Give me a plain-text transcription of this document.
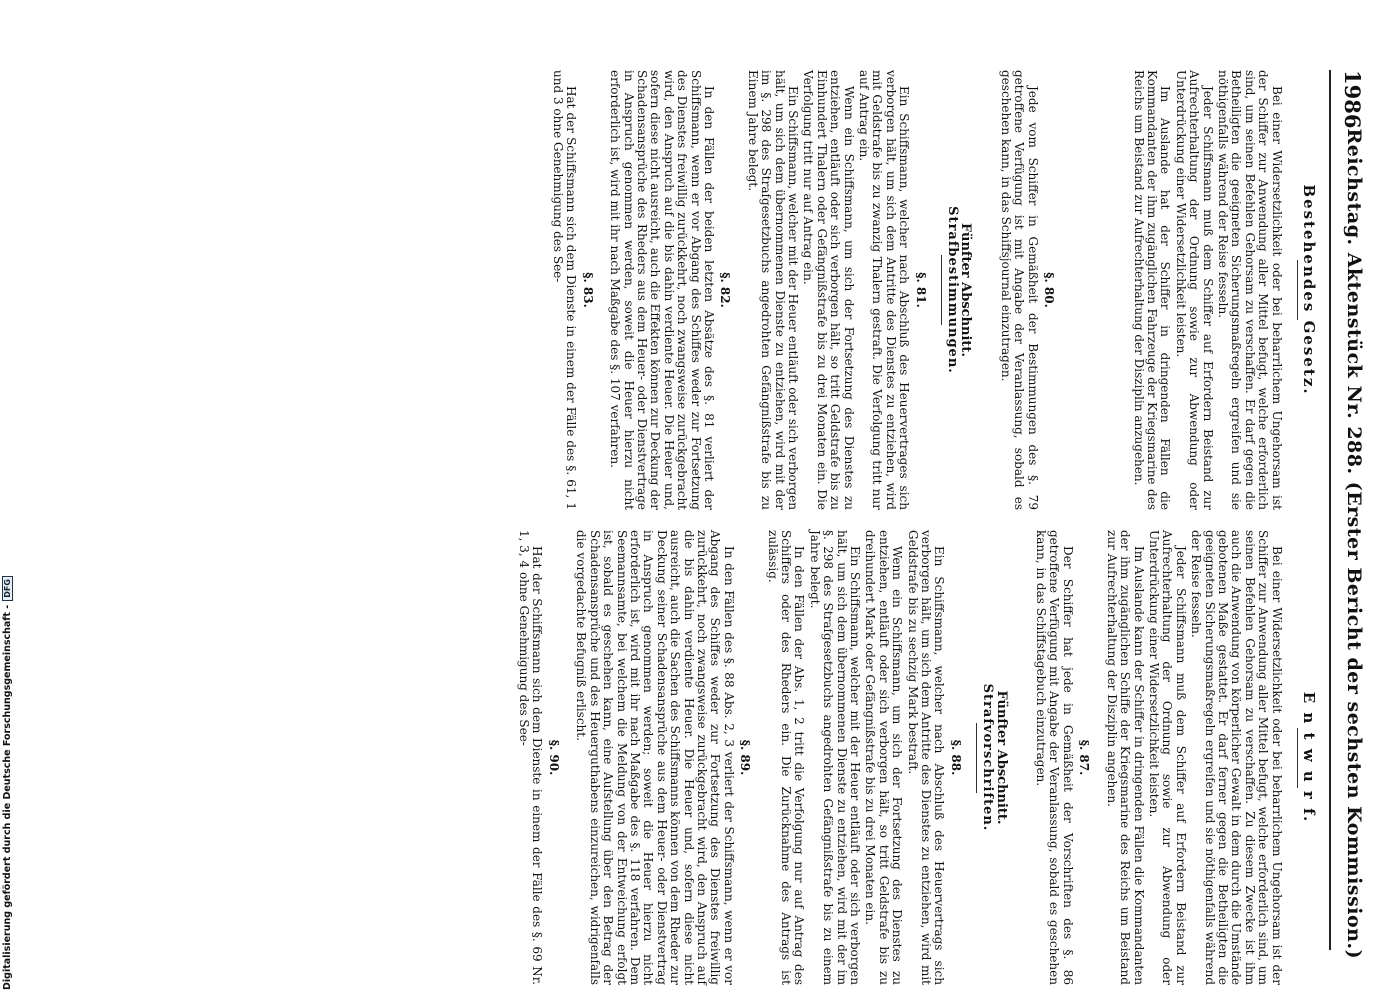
1986
Reichstag. Aktenstück Nr. 288. (Erster Bericht der sechsten Kommission.)
Bestehendes Gesetz.

Bei einer Widersetzlichkeit oder bei beharrlichem Ungehorsam ist der Schiffer zur Anwendung aller Mittel befugt, welche erforderlich sind, um seinen Befehlen Gehorsam zu verschaffen. Er darf gegen die Betheiligten die geeigneten Sicherungsmaßregeln ergreifen und sie nöthigenfalls während der Reise fesseln.

Jeder Schiffsmann muß dem Schiffer auf Erfordern Beistand zur Aufrechterhaltung der Ordnung sowie zur Abwendung oder Unterdrückung einer Widersetzlichkeit leisten.

Im Auslande hat der Schiffer in dringenden Fällen die Kommandanten der ihm zugänglichen Fahrzeuge der Kriegsmarine des Reichs um Beistand zur Aufrechterhaltung der Disziplin anzugehen.

§. 80.

Jede vom Schiffer in Gemäßheit der Bestimmungen des §. 79 getroffene Verfügung ist mit Angabe der Veranlassung, sobald es geschehen kann, in das Schiffsjournal einzutragen.

Fünfter Abschnitt.
Strafbestimmungen.
§. 81.

Ein Schiffsmann, welcher nach Abschluß des Heuervertrages sich verborgen hält, um sich dem Antritte des Dienstes zu entziehen, wird mit Geldstrafe bis zu zwanzig Thalern gestraft. Die Verfolgung tritt nur auf Antrag ein.

Wenn ein Schiffsmann, um sich der Fortsetzung des Dienstes zu entziehen, entläuft oder sich verborgen hält, so tritt Geldstrafe bis zu Einhundert Thalern oder Gefängnißstrafe bis zu drei Monaten ein. Die Verfolgung tritt nur auf Antrag ein.

Ein Schiffsmann, welcher mit der Heuer entläuft oder sich verborgen hält, um sich dem übernommenen Dienste zu entziehen, wird mit der im §. 298 des Strafgesetzbuchs angedrohten Gefängnißstrafe bis zu Einem Jahre belegt.

§. 82.

In den Fällen der beiden letzten Absätze des §. 81 verliert der Schiffsmann, wenn er vor Abgang des Schiffes weder zur Fortsetzung des Dienstes freiwillig zurückkehrt, noch zwangsweise zurückgebracht wird, den Anspruch auf die bis dahin verdiente Heuer. Die Heuer und, sofern diese nicht ausreicht, auch die Effekten können zur Deckung der Schadensansprüche des Rheders aus dem Heuer- oder Dienstvertrage in Anspruch genommen werden, soweit die Heuer hierzu nicht erforderlich ist, wird mit ihr nach Maßgabe des §. 107 verfahren.

§. 83.

Hat der Schiffsmann sich dem Dienste in einem der Fälle des §. 61, 1 und 3 ohne Genehmigung des See-

E n t w u r f.

Bei einer Widersetzlichkeit oder bei beharrlichem Ungehorsam ist der Schiffer zur Anwendung aller Mittel befugt, welche erforderlich sind, um seinen Befehlen Gehorsam zu verschaffen. Zu diesem Zwecke ist ihm auch die Anwendung von körperlicher Gewalt in dem durch die Umstände gebotenen Maße gestattet. Er darf ferner gegen die Betheiligten die geeigneten Sicherungsmaßregeln ergreifen und sie nöthigenfalls während der Reise fesseln.

Jeder Schiffsmann muß dem Schiffer auf Erfordern Beistand zur Aufrechterhaltung der Ordnung sowie zur Abwendung oder Unterdrückung einer Widersetzlichkeit leisten.

Im Auslande kann der Schiffer in dringenden Fällen die Kommandanten der ihm zugänglichen Schiffe der Kriegsmarine des Reichs um Beistand zur Aufrechterhaltung der Disziplin angehen.

§. 87.

Der Schiffer hat jede in Gemäßheit der Vorschriften des §. 86 getroffene Verfügung mit Angabe der Veranlassung, sobald es geschehen kann, in das Schiffstagebuch einzutragen.

Fünfter Abschnitt.
Strafvorschriften.
§. 88.

Ein Schiffsmann, welcher nach Abschluß des Heuervertrags sich verborgen hält, um sich dem Antritte des Dienstes zu entziehen, wird mit Geldstrafe bis zu sechzig Mark bestraft.

Wenn ein Schiffsmann, um sich der Fortsetzung des Dienstes zu entziehen, entläuft oder sich verborgen hält, so tritt Geldstrafe bis zu dreihundert Mark oder Gefängnißstrafe bis zu drei Monaten ein.

Ein Schiffsmann, welcher mit der Heuer entläuft oder sich verborgen hält, um sich dem übernommenen Dienste zu entziehen, wird mit der im §. 298 des Strafgesetzbuchs angedrohten Gefängnißstrafe bis zu einem Jahre belegt.

In den Fällen der Abs. 1, 2 tritt die Verfolgung nur auf Antrag des Schiffers oder des Rheders ein. Die Zurücknahme des Antrags ist zulässig.

§. 89.

In den Fällen des §. 88 Abs. 2, 3 verliert der Schiffsmann, wenn er vor Abgang des Schiffes weder zur Fortsetzung des Dienstes freiwillig zurückkehrt, noch zwangsweise zurückgebracht wird, den Anspruch auf die bis dahin verdiente Heuer. Die Heuer und, sofern diese nicht ausreicht, auch die Sachen des Schiffsmanns können von dem Rheder zur Deckung seiner Schadensansprüche aus dem Heuer- oder Dienstvertrag in Anspruch genommen werden; soweit die Heuer hierzu nicht erforderlich ist, wird mit ihr nach Maßgabe des §. 118 verfahren. Dem Seemannsamte, bei welchem die Meldung von der Entweichung erfolgt ist, sobald es geschehen kann, eine Aufstellung über den Betrag der Schadensansprüche und des Heuerguthabens einzureichen, widrigenfalls die vorgedachte Befugniß erlischt.

§. 90.

Hat der Schiffsmann sich dem Dienste in einem der Fälle des §. 69 Nr. 1, 3, 4 ohne Genehmigung des See-

Digitalisierung gefördert durch die Deutsche Forschungsgemeinschaft -DFG
